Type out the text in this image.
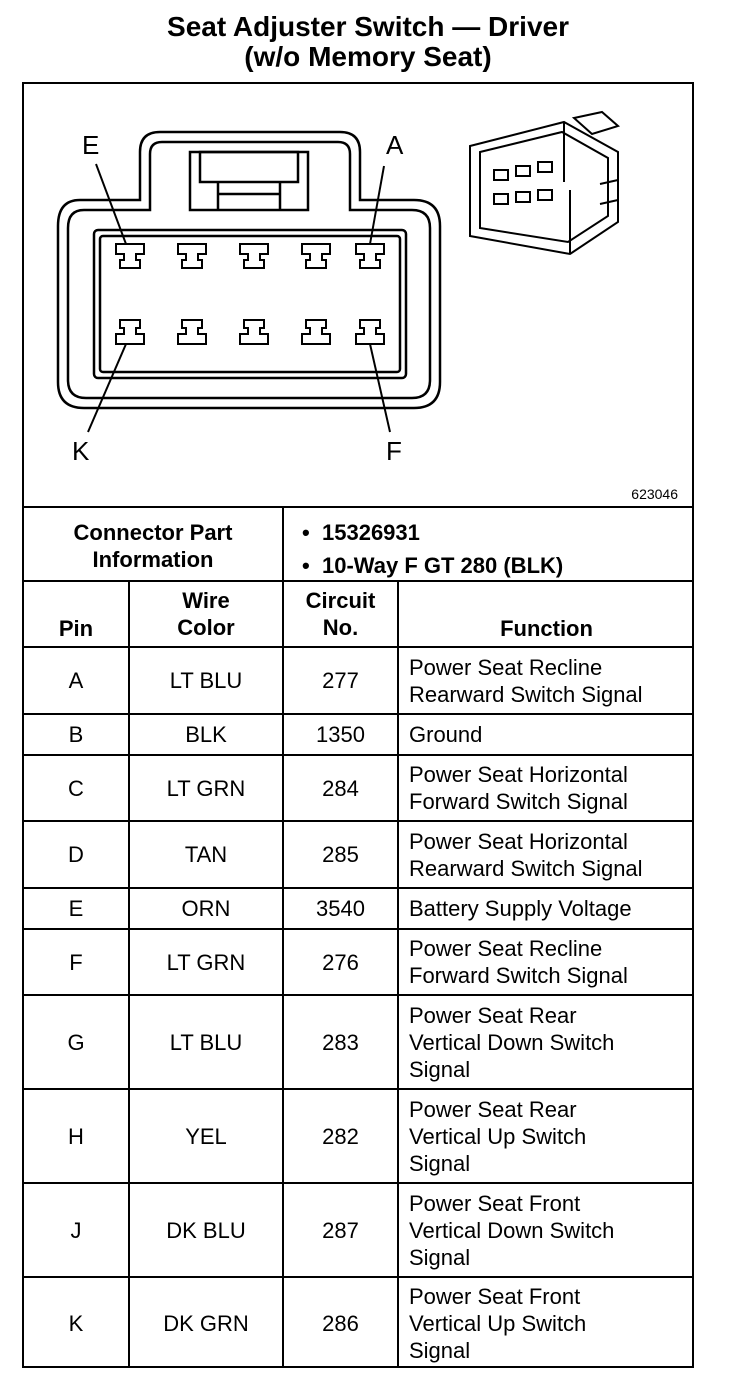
Seat Adjuster Switch — Driver
(w/o Memory Seat)
E	A
K	F
623046
Connector Part Information
• 15326931
• 10-Way F GT 280 (BLK)
Pin
Wire Color
Circuit No.	Function
A	LT BLU	277
Power Seat Recline
Rearward Switch Signal
B	BLK	1350	Ground
C	LT GRN	284
Power Seat Horizontal
Forward Switch Signal
D	TAN	285
Power Seat Horizontal
Rearward Switch Signal
E	ORN	3540	Battery Supply Voltage
F	LT GRN	276
Power Seat Recline
Forward Switch Signal
G	LT BLU	283
Power Seat Rear
Vertical Down Switch
Signal
H	YEL	282
Power Seat Rear
Vertical Up Switch
Signal
J	DK BLU	287
Power Seat Front
Vertical Down Switch
Signal
K	DK GRN	286
Power Seat Front
Vertical Up Switch
Signal
